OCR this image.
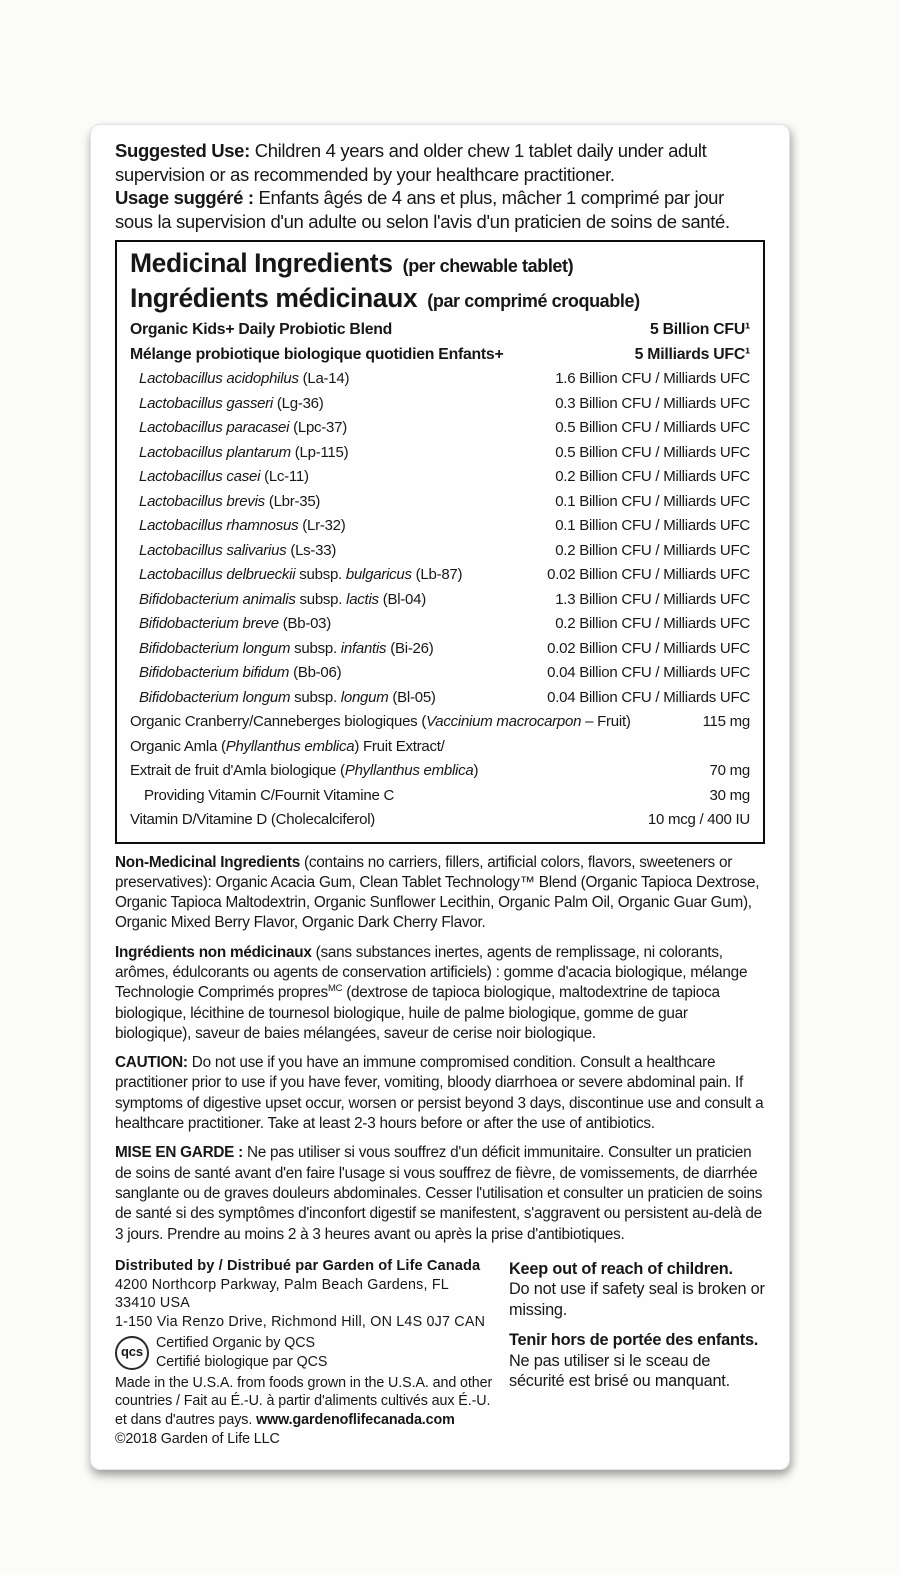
Suggested Use: Children 4 years and older chew 1 tablet daily under adult supervision or as recommended by your healthcare practitioner.

Usage suggéré : Enfants âgés de 4 ans et plus, mâcher 1 comprimé par jour sous la supervision d'un adulte ou selon l'avis d'un praticien de soins de santé.

Medicinal Ingredients (per chewable tablet)
Ingrédients médicinaux (par comprimé croquable)
Organic Kids+ Daily Probiotic Blend	5 Billion CFU¹
Mélange probiotique biologique quotidien Enfants+	5 Milliards UFC¹
Lactobacillus acidophilus (La-14)	1.6 Billion CFU / Milliards UFC
Lactobacillus gasseri (Lg-36)	0.3 Billion CFU / Milliards UFC
Lactobacillus paracasei (Lpc-37)	0.5 Billion CFU / Milliards UFC
Lactobacillus plantarum (Lp-115)	0.5 Billion CFU / Milliards UFC
Lactobacillus casei (Lc-11)	0.2 Billion CFU / Milliards UFC
Lactobacillus brevis (Lbr-35)	0.1 Billion CFU / Milliards UFC
Lactobacillus rhamnosus (Lr-32)	0.1 Billion CFU / Milliards UFC
Lactobacillus salivarius (Ls-33)	0.2 Billion CFU / Milliards UFC
Lactobacillus delbrueckii subsp. bulgaricus (Lb-87)	0.02 Billion CFU / Milliards UFC
Bifidobacterium animalis subsp. lactis (Bl-04)	1.3 Billion CFU / Milliards UFC
Bifidobacterium breve (Bb-03)	0.2 Billion CFU / Milliards UFC
Bifidobacterium longum subsp. infantis (Bi-26)	0.02 Billion CFU / Milliards UFC
Bifidobacterium bifidum (Bb-06)	0.04 Billion CFU / Milliards UFC
Bifidobacterium longum subsp. longum (Bl-05)	0.04 Billion CFU / Milliards UFC
Organic Cranberry/Canneberges biologiques (Vaccinium macrocarpon – Fruit)	115 mg
Organic Amla (Phyllanthus emblica) Fruit Extract/
Extrait de fruit d'Amla biologique (Phyllanthus emblica)	70 mg
Providing Vitamin C/Fournit Vitamine C	30 mg
Vitamin D/Vitamine D (Cholecalciferol)	10 mcg / 400 IU

Non-Medicinal Ingredients (contains no carriers, fillers, artificial colors, flavors, sweeteners or preservatives): Organic Acacia Gum, Clean Tablet Technology™ Blend (Organic Tapioca Dextrose, Organic Tapioca Maltodextrin, Organic Sunflower Lecithin, Organic Palm Oil, Organic Guar Gum), Organic Mixed Berry Flavor, Organic Dark Cherry Flavor.

Ingrédients non médicinaux (sans substances inertes, agents de remplissage, ni colorants, arômes, édulcorants ou agents de conservation artificiels) : gomme d'acacia biologique, mélange Technologie Comprimés propres$^{MC}$ (dextrose de tapioca biologique, maltodextrine de tapioca biologique, lécithine de tournesol biologique, huile de palme biologique, gomme de guar biologique), saveur de baies mélangées, saveur de cerise noir biologique.

CAUTION: Do not use if you have an immune compromised condition. Consult a healthcare practitioner prior to use if you have fever, vomiting, bloody diarrhoea or severe abdominal pain. If symptoms of digestive upset occur, worsen or persist beyond 3 days, discontinue use and consult a healthcare practitioner. Take at least 2-3 hours before or after the use of antibiotics.

MISE EN GARDE : Ne pas utiliser si vous souffrez d'un déficit immunitaire. Consulter un praticien de soins de santé avant d'en faire l'usage si vous souffrez de fièvre, de vomissements, de diarrhée sanglante ou de graves douleurs abdominales. Cesser l'utilisation et consulter un praticien de soins de santé si des symptômes d'inconfort digestif se manifestent, s'aggravent ou persistent au-delà de 3 jours. Prendre au moins 2 à 3 heures avant ou après la prise d'antibiotiques.

Distributed by / Distribué par Garden of Life Canada
4200 Northcorp Parkway, Palm Beach Gardens, FL 33410 USA
1-150 Via Renzo Drive, Richmond Hill, ON L4S 0J7 CAN
qcs
Certified Organic by QCS
Certifié biologique par QCS
Made in the U.S.A. from foods grown in the U.S.A. and other countries / Fait au É.-U. à partir d'aliments cultivés aux É.-U. et dans d'autres pays. www.gardenoflifecanada.com
©2018 Garden of Life LLC
Keep out of reach of children.
Do not use if safety seal is broken or missing.
Tenir hors de portée des enfants.
Ne pas utiliser si le sceau de sécurité est brisé ou manquant.
